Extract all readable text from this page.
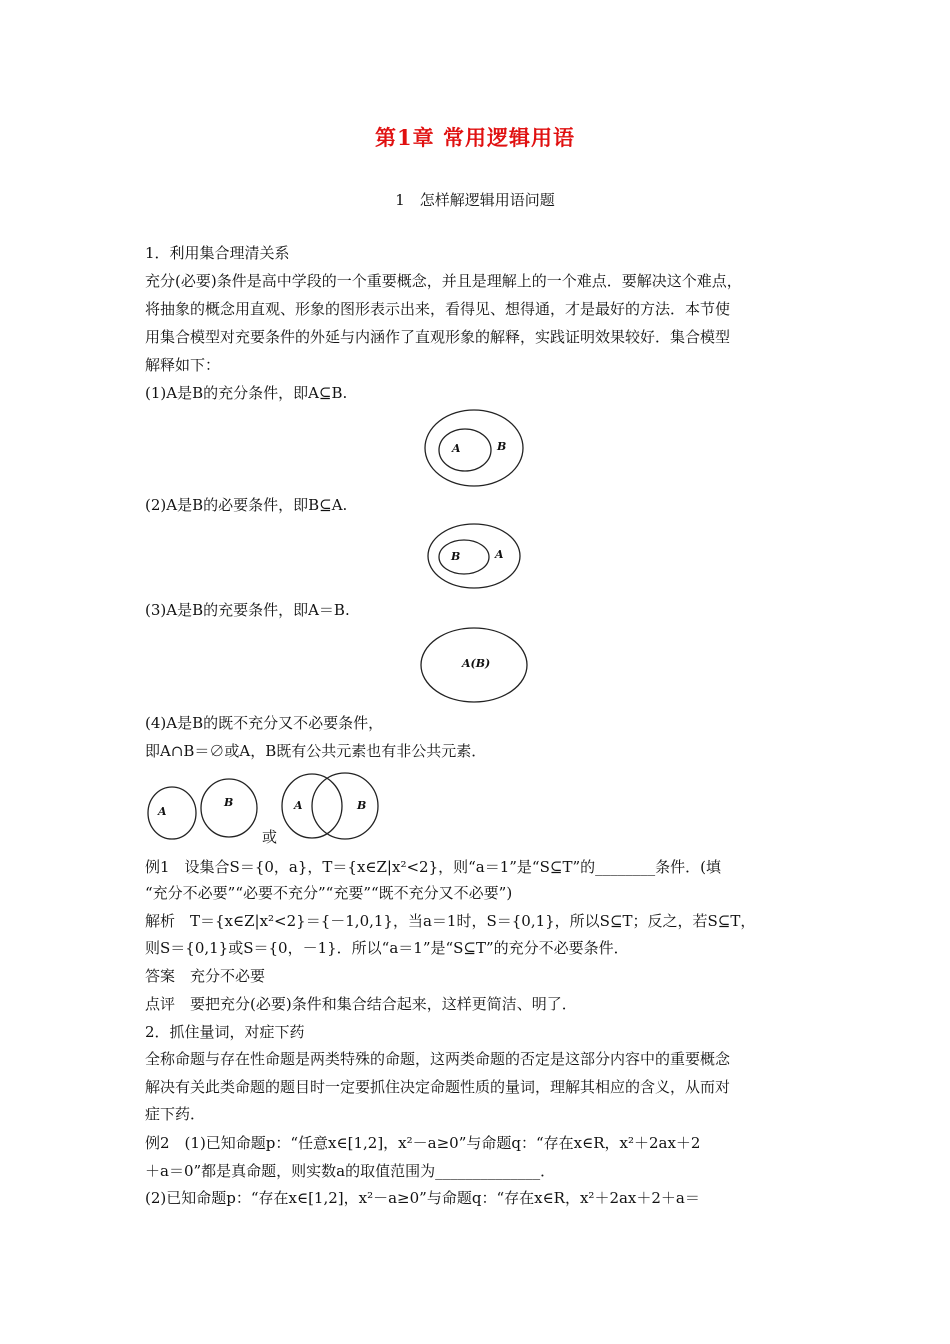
第1章 常用逻辑用语
1　怎样解逻辑用语问题
1．利用集合理清关系
充分(必要)条件是高中学段的一个重要概念，并且是理解上的一个难点．要解决这个难点，
将抽象的概念用直观、形象的图形表示出来，看得见、想得通，才是最好的方法．本节使
用集合模型对充要条件的外延与内涵作了直观形象的解释，实践证明效果较好．集合模型
解释如下：
(1)A是B的充分条件，即A⊆B.
(2)A是B的必要条件，即B⊆A.
(3)A是B的充要条件，即A＝B.
(4)A是B的既不充分又不必要条件，
即A∩B＝∅或A，B既有公共元素也有非公共元素．
例1　设集合S＝{0，a}，T＝{x∈Z|x²<2}，则“a＝1”是“S⊆T”的________条件．(填
“充分不必要”“必要不充分”“充要”“既不充分又不必要”)
解析　T＝{x∈Z|x²<2}＝{－1,0,1}，当a＝1时，S＝{0,1}，所以S⊆T；反之，若S⊆T，
则S＝{0,1}或S＝{0，－1}．所以“a＝1”是“S⊆T”的充分不必要条件．
答案　充分不必要
点评　要把充分(必要)条件和集合结合起来，这样更简洁、明了．
2．抓住量词，对症下药
全称命题与存在性命题是两类特殊的命题，这两类命题的否定是这部分内容中的重要概念
解决有关此类命题的题目时一定要抓住决定命题性质的量词，理解其相应的含义，从而对
症下药．
例2　(1)已知命题p：“任意x∈[1,2]，x²－a≥0”与命题q：“存在x∈R，x²＋2ax＋2
＋a＝0”都是真命题，则实数a的取值范围为______________．
(2)已知命题p：“存在x∈[1,2]，x²－a≥0”与命题q：“存在x∈R，x²＋2ax＋2＋a＝
A	B
B	A
A(B)
A
B	A	B
或
